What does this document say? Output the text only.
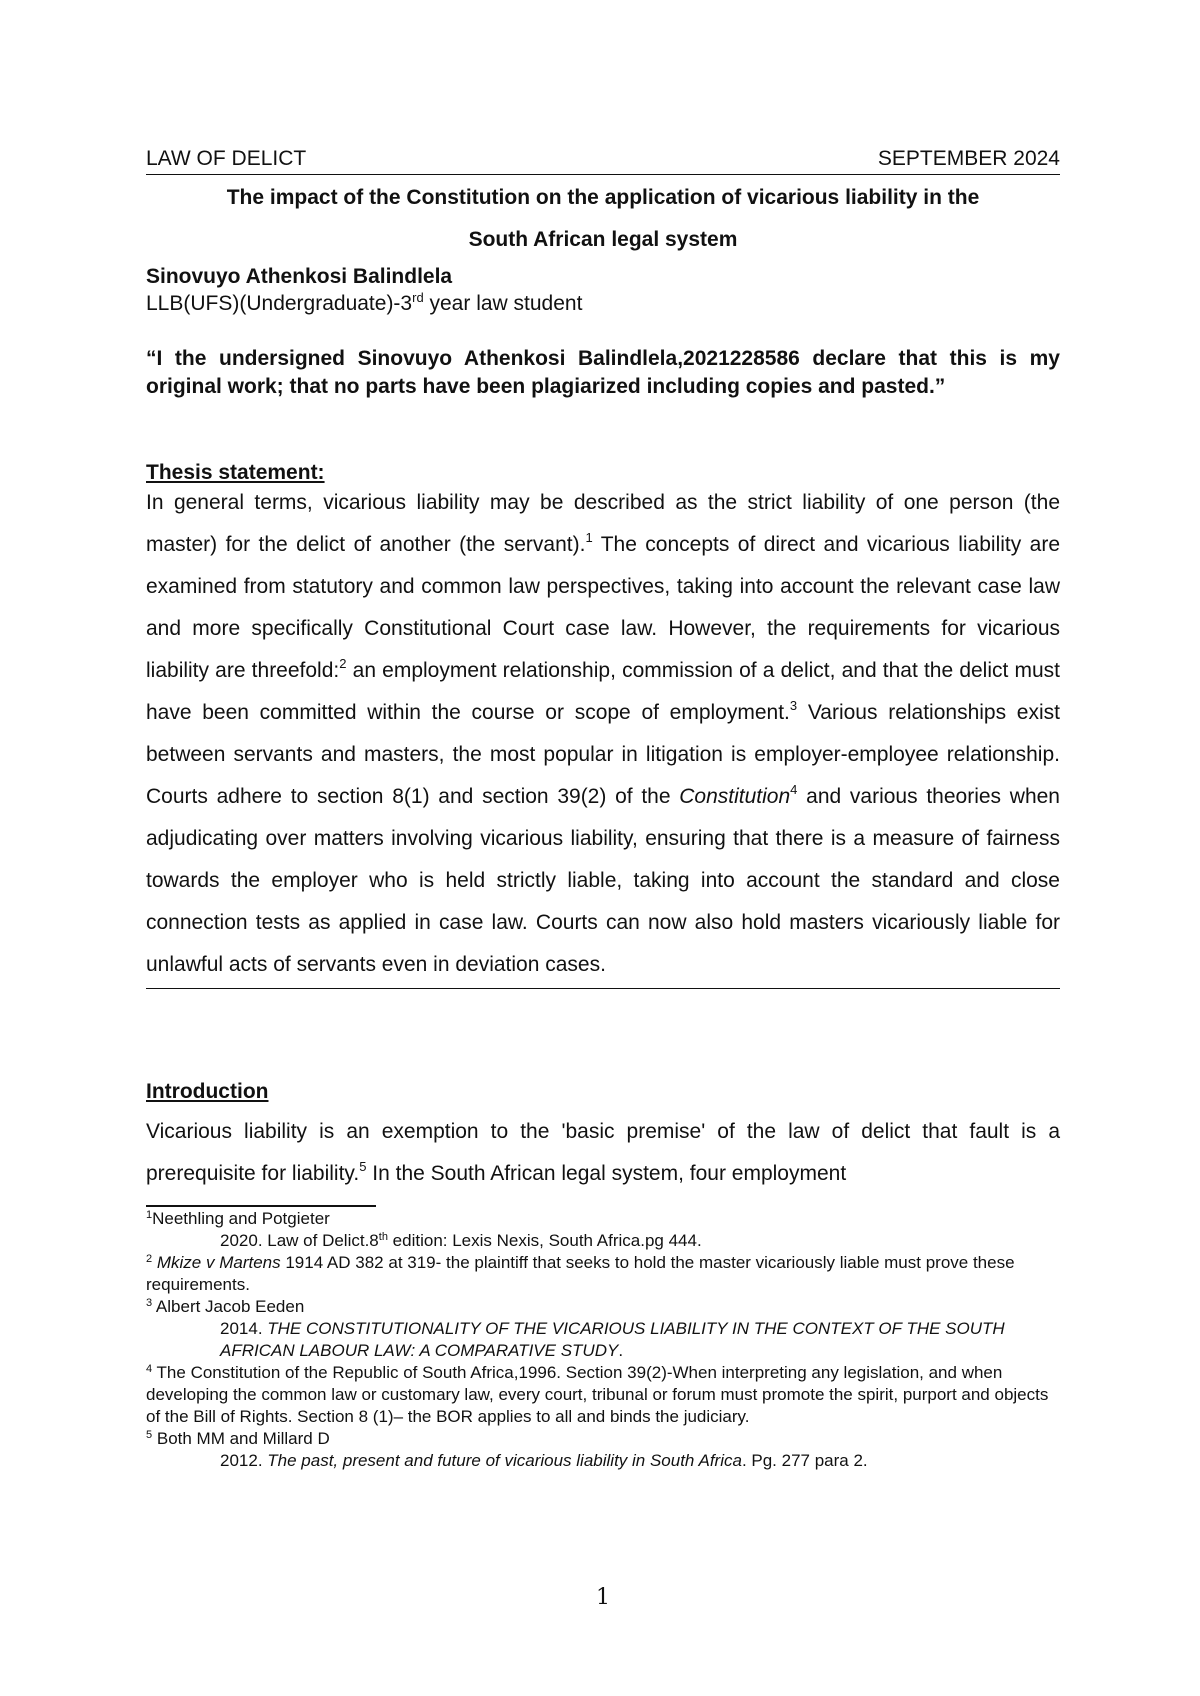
LAW OF DELICT	SEPTEMBER 2024
The impact of the Constitution on the application of vicarious liability in the
South African legal system
Sinovuyo Athenkosi Balindlela
LLB(UFS)(Undergraduate)-3rd year law student
“I the undersigned Sinovuyo Athenkosi Balindlela,2021228586 declare that this is my original work; that no parts have been plagiarized including copies and pasted.”
Thesis statement:
In general terms, vicarious liability may be described as the strict liability of one person (the master) for the delict of another (the servant).$^1$ The concepts of direct and vicarious liability are examined from statutory and common law perspectives, taking into account the relevant case law and more specifically Constitutional Court case law. However, the requirements for vicarious liability are threefold:$^2$ an employment relationship, commission of a delict, and that the delict must have been committed within the course or scope of employment.$^3$ Various relationships exist between servants and masters, the most popular in litigation is employer-employee relationship. Courts adhere to section 8(1) and section 39(2) of the Constitution$^4$ and various theories when adjudicating over matters involving vicarious liability, ensuring that there is a measure of fairness towards the employer who is held strictly liable, taking into account the standard and close connection tests as applied in case law. Courts can now also hold masters vicariously liable for unlawful acts of servants even in deviation cases.
Introduction
Vicarious liability is an exemption to the 'basic premise' of the law of delict that fault is a prerequisite for liability.$^5$ In the South African legal system, four employment

$^1$Neethling and Potgieter

2020. Law of Delict.8th edition: Lexis Nexis, South Africa.pg 444.

$^2$ Mkize v Martens 1914 AD 382 at 319- the plaintiff that seeks to hold the master vicariously liable must prove these requirements.

$^3$ Albert Jacob Eeden

2014. THE CONSTITUTIONALITY OF THE VICARIOUS LIABILITY IN THE CONTEXT OF THE SOUTH AFRICAN LABOUR LAW: A COMPARATIVE STUDY.

$^4$ The Constitution of the Republic of South Africa,1996. Section 39(2)-When interpreting any legislation, and when developing the common law or customary law, every court, tribunal or forum must promote the spirit, purport and objects of the Bill of Rights. Section 8 (1)– the BOR applies to all and binds the judiciary.

$^5$ Both MM and Millard D

2012. The past, present and future of vicarious liability in South Africa. Pg. 277 para 2.

1
